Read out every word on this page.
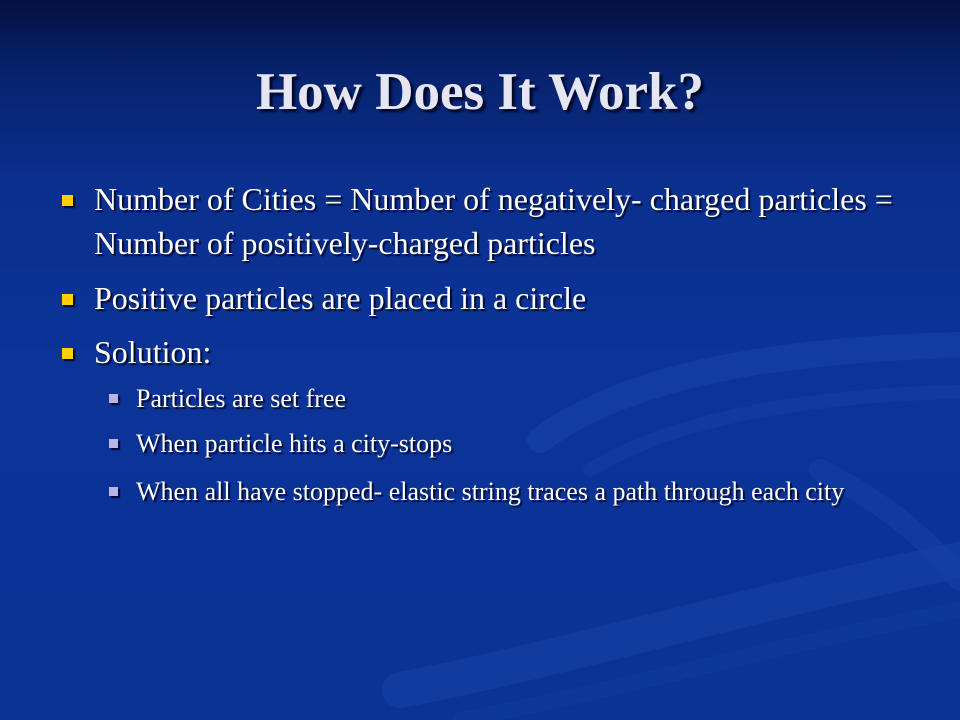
How Does It Work?
Number of Cities = Number of negatively- charged particles = Number of positively-charged particles
Positive particles are placed in a circle
Solution:
Particles are set free
When particle hits a city-stops
When all have stopped- elastic string traces a path through each city
